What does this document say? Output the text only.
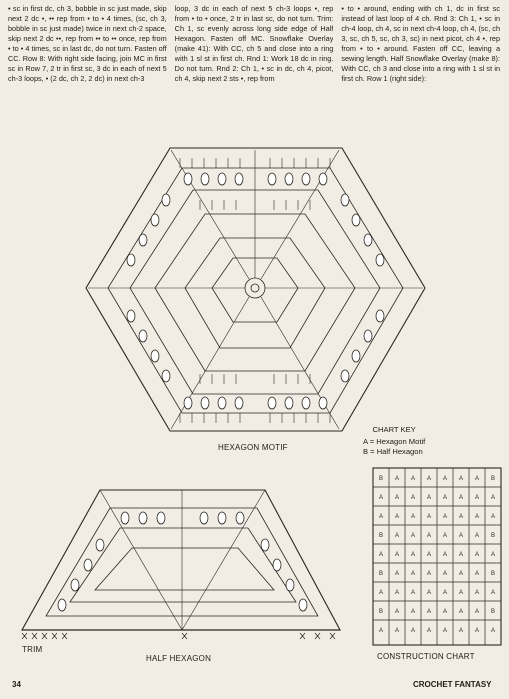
• sc in first dc, ch 3, bobble in sc just made, skip next 2 dc •, •• rep from • to • 4 times, (sc, ch 3, bobble in sc just made) twice in next ch-2 space, skip next 2 dc ••, rep from •• to •• once, rep from • to • 4 times, sc in last dc, do not turn. Fasten off CC. Row 8: With right side facing, join MC in first sc in Row 7, 2 tr in first sc, 3 dc in each of next 5 ch-3 loops, • (2 dc, ch 2, 2 dc) in next ch-3

loop, 3 dc in each of next 5 ch-3 loops •, rep from • to • once, 2 tr in last sc, do not turn. Trim: Ch 1, sc evenly across long side edge of Half Hexagon. Fasten off MC. Snowflake Overlay (make 41): With CC, ch 5 and close into a ring with 1 sl st in first ch. Rnd 1: Work 18 dc in ring. Do not turn. Rnd 2: Ch 1, • sc in dc, ch 4, picot, ch 4, skip next 2 sts •, rep from

• to • around, ending with ch 1, dc in first sc instead of last loop of 4 ch. Rnd 3: Ch 1, • sc in ch-4 loop, ch 4, sc in next ch-4 loop, ch 4, (sc, ch 3, sc, ch 5, sc, ch 3, sc) in next picot, ch 4 •, rep from • to • around. Fasten off CC, leaving a sewing length. Half Snowflake Overlay (make 8): With CC, ch 3 and close into a ring with 1 sl st in first ch. Row 1 (right side):

B A A A A A A B
A A A A A A A A
A A A A A A A A
B A A A A A A B
A A A A A A A A
B A A A A A A B
A A A A A A A A
B A A A A A A B
A A A A A A A A
HEXAGON MOTIF
TRIM
HALF HEXAGON	CONSTRUCTION CHART
CHART KEY
A = Hexagon Motif
B = Half Hexagon
34	CROCHET FANTASY
